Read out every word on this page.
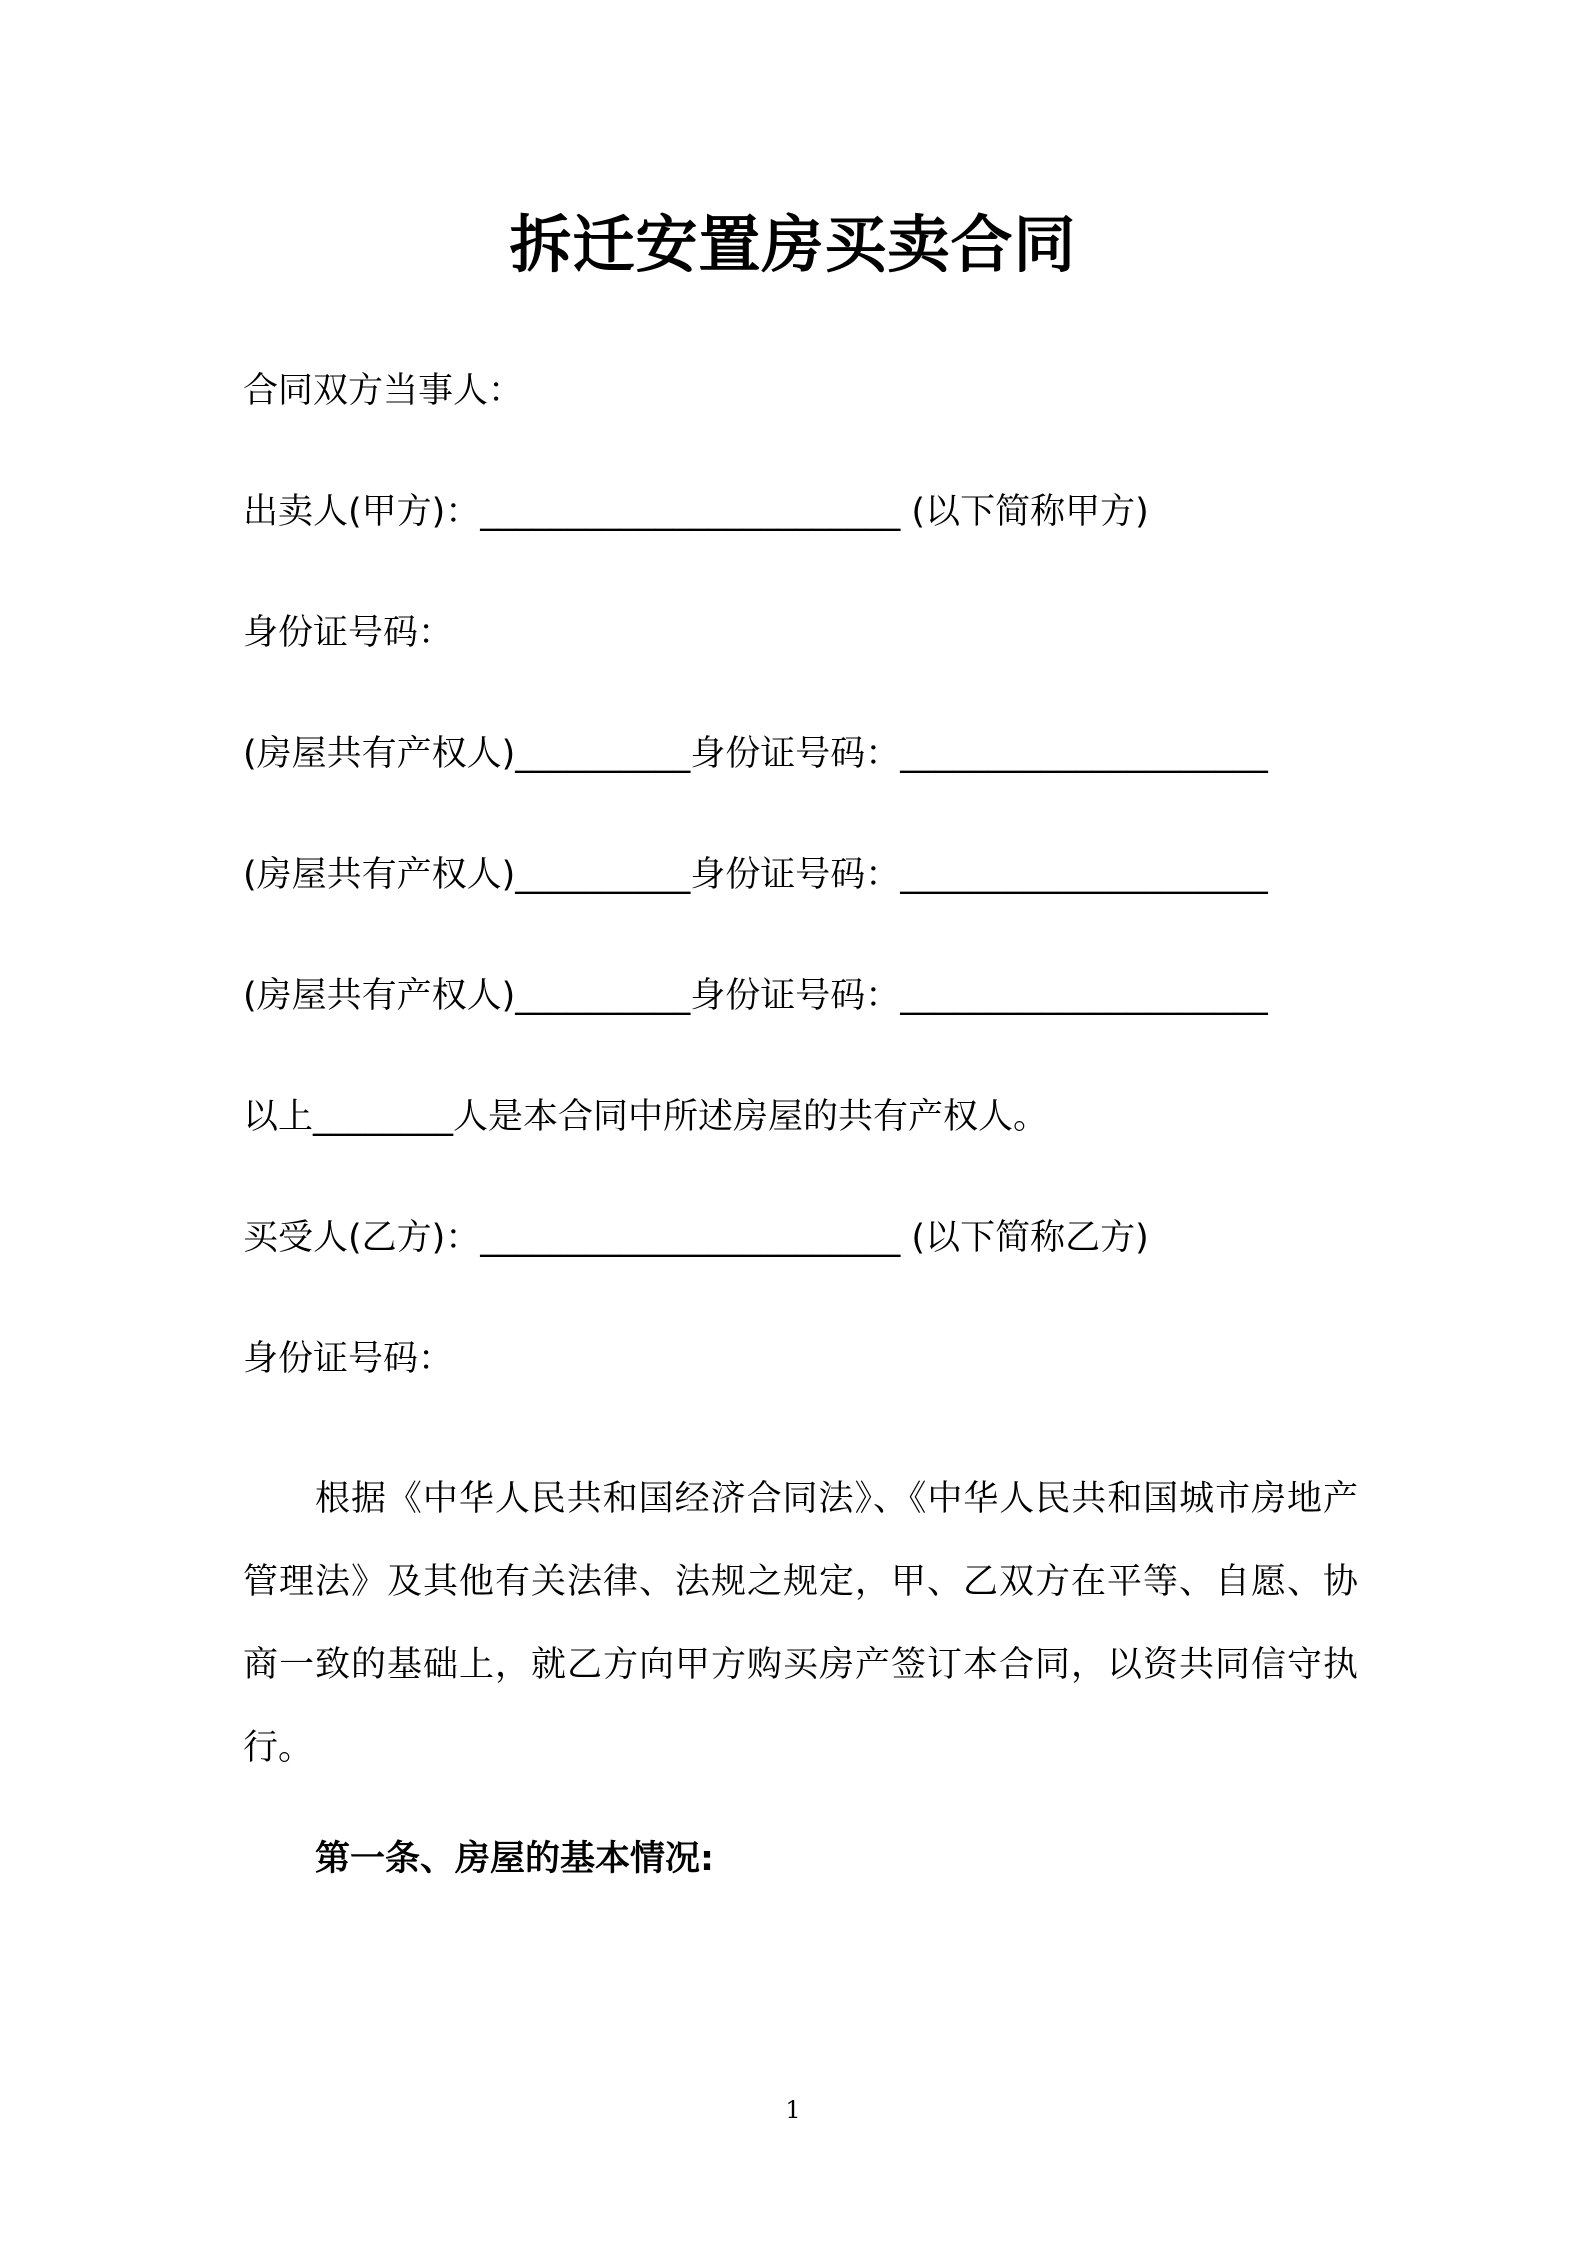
拆迁安置房买卖合同
合同双方当事人：
出卖人(甲方)：________________________ (以下简称甲方)
身份证号码：
(房屋共有产权人)__________身份证号码：_____________________
(房屋共有产权人)__________身份证号码：_____________________
(房屋共有产权人)__________身份证号码：_____________________
以上________人是本合同中所述房屋的共有产权人。
买受人(乙方)：________________________ (以下简称乙方)
身份证号码：
根据《中华人民共和国经济合同法》、《中华人民共和国城市房地产管理法》及其他有关法律、法规之规定，甲、乙双方在平等、自愿、协商一致的基础上，就乙方向甲方购买房产签订本合同，以资共同信守执行。
第一条、房屋的基本情况:
1
